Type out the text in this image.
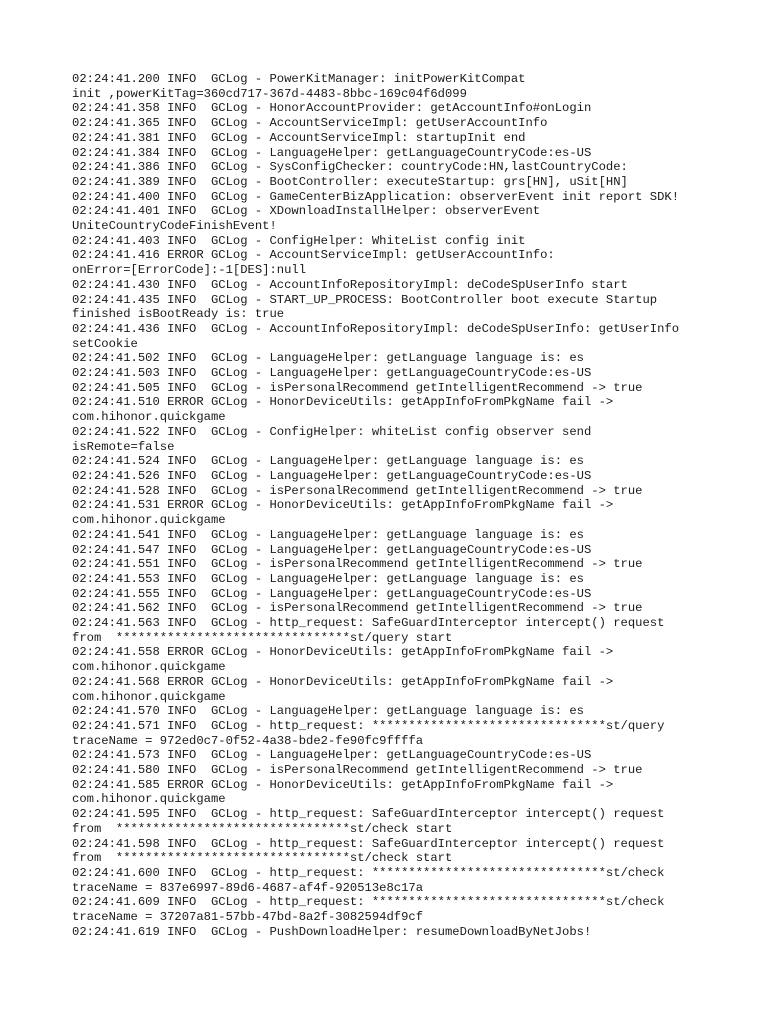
02:24:41.200 INFO  GCLog - PowerKitManager: initPowerKitCompat
init ,powerKitTag=360cd717-367d-4483-8bbc-169c04f6d099
02:24:41.358 INFO  GCLog - HonorAccountProvider: getAccountInfo#onLogin
02:24:41.365 INFO  GCLog - AccountServiceImpl: getUserAccountInfo
02:24:41.381 INFO  GCLog - AccountServiceImpl: startupInit end
02:24:41.384 INFO  GCLog - LanguageHelper: getLanguageCountryCode:es-US
02:24:41.386 INFO  GCLog - SysConfigChecker: countryCode:HN,lastCountryCode:
02:24:41.389 INFO  GCLog - BootController: executeStartup: grs[HN], uSit[HN]
02:24:41.400 INFO  GCLog - GameCenterBizApplication: observerEvent init report SDK!
02:24:41.401 INFO  GCLog - XDownloadInstallHelper: observerEvent
UniteCountryCodeFinishEvent!
02:24:41.403 INFO  GCLog - ConfigHelper: WhiteList config init
02:24:41.416 ERROR GCLog - AccountServiceImpl: getUserAccountInfo:
onError=[ErrorCode]:-1[DES]:null
02:24:41.430 INFO  GCLog - AccountInfoRepositoryImpl: deCodeSpUserInfo start
02:24:41.435 INFO  GCLog - START_UP_PROCESS: BootController boot execute Startup
finished isBootReady is: true
02:24:41.436 INFO  GCLog - AccountInfoRepositoryImpl: deCodeSpUserInfo: getUserInfo
setCookie
02:24:41.502 INFO  GCLog - LanguageHelper: getLanguage language is: es
02:24:41.503 INFO  GCLog - LanguageHelper: getLanguageCountryCode:es-US
02:24:41.505 INFO  GCLog - isPersonalRecommend getIntelligentRecommend -> true
02:24:41.510 ERROR GCLog - HonorDeviceUtils: getAppInfoFromPkgName fail ->
com.hihonor.quickgame
02:24:41.522 INFO  GCLog - ConfigHelper: whiteList config observer send
isRemote=false
02:24:41.524 INFO  GCLog - LanguageHelper: getLanguage language is: es
02:24:41.526 INFO  GCLog - LanguageHelper: getLanguageCountryCode:es-US
02:24:41.528 INFO  GCLog - isPersonalRecommend getIntelligentRecommend -> true
02:24:41.531 ERROR GCLog - HonorDeviceUtils: getAppInfoFromPkgName fail ->
com.hihonor.quickgame
02:24:41.541 INFO  GCLog - LanguageHelper: getLanguage language is: es
02:24:41.547 INFO  GCLog - LanguageHelper: getLanguageCountryCode:es-US
02:24:41.551 INFO  GCLog - isPersonalRecommend getIntelligentRecommend -> true
02:24:41.553 INFO  GCLog - LanguageHelper: getLanguage language is: es
02:24:41.555 INFO  GCLog - LanguageHelper: getLanguageCountryCode:es-US
02:24:41.562 INFO  GCLog - isPersonalRecommend getIntelligentRecommend -> true
02:24:41.563 INFO  GCLog - http_request: SafeGuardInterceptor intercept() request
from  ********************************st/query start
02:24:41.558 ERROR GCLog - HonorDeviceUtils: getAppInfoFromPkgName fail ->
com.hihonor.quickgame
02:24:41.568 ERROR GCLog - HonorDeviceUtils: getAppInfoFromPkgName fail ->
com.hihonor.quickgame
02:24:41.570 INFO  GCLog - LanguageHelper: getLanguage language is: es
02:24:41.571 INFO  GCLog - http_request: ********************************st/query
traceName = 972ed0c7-0f52-4a38-bde2-fe90fc9ffffa
02:24:41.573 INFO  GCLog - LanguageHelper: getLanguageCountryCode:es-US
02:24:41.580 INFO  GCLog - isPersonalRecommend getIntelligentRecommend -> true
02:24:41.585 ERROR GCLog - HonorDeviceUtils: getAppInfoFromPkgName fail ->
com.hihonor.quickgame
02:24:41.595 INFO  GCLog - http_request: SafeGuardInterceptor intercept() request
from  ********************************st/check start
02:24:41.598 INFO  GCLog - http_request: SafeGuardInterceptor intercept() request
from  ********************************st/check start
02:24:41.600 INFO  GCLog - http_request: ********************************st/check
traceName = 837e6997-89d6-4687-af4f-920513e8c17a
02:24:41.609 INFO  GCLog - http_request: ********************************st/check
traceName = 37207a81-57bb-47bd-8a2f-3082594df9cf
02:24:41.619 INFO  GCLog - PushDownloadHelper: resumeDownloadByNetJobs!
